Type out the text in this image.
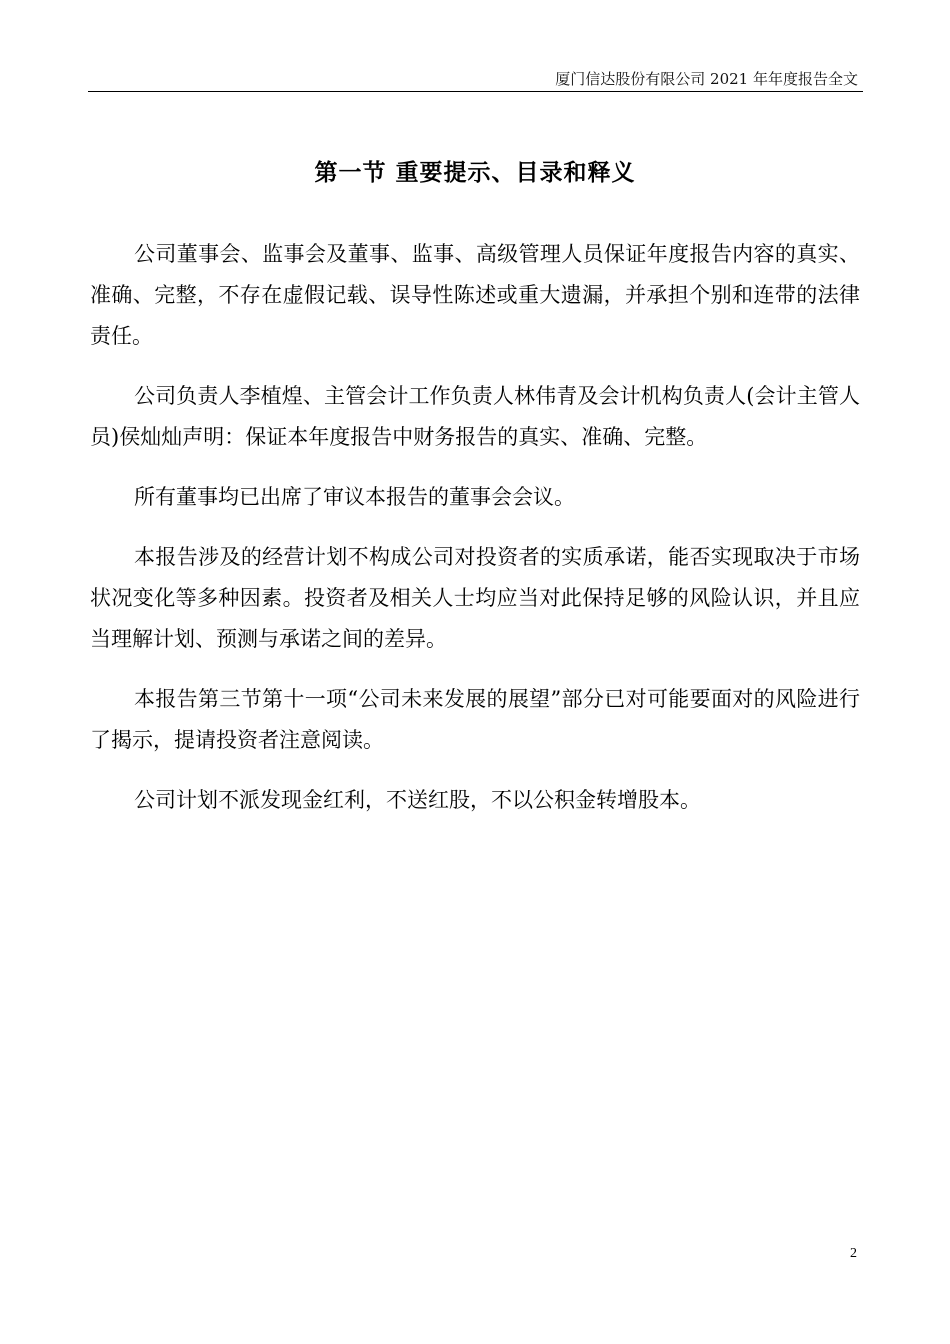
厦门信达股份有限公司 2021 年年度报告全文
第一节 重要提示、目录和释义

公司董事会、监事会及董事、监事、高级管理人员保证年度报告内容的真实、准确、完整，不存在虚假记载、误导性陈述或重大遗漏，并承担个别和连带的法律责任。

公司负责人李植煌、主管会计工作负责人林伟青及会计机构负责人(会计主管人员)侯灿灿声明：保证本年度报告中财务报告的真实、准确、完整。

所有董事均已出席了审议本报告的董事会会议。

本报告涉及的经营计划不构成公司对投资者的实质承诺，能否实现取决于市场状况变化等多种因素。投资者及相关人士均应当对此保持足够的风险认识，并且应当理解计划、预测与承诺之间的差异。

本报告第三节第十一项“公司未来发展的展望”部分已对可能要面对的风险进行了揭示，提请投资者注意阅读。

公司计划不派发现金红利，不送红股，不以公积金转增股本。

2
